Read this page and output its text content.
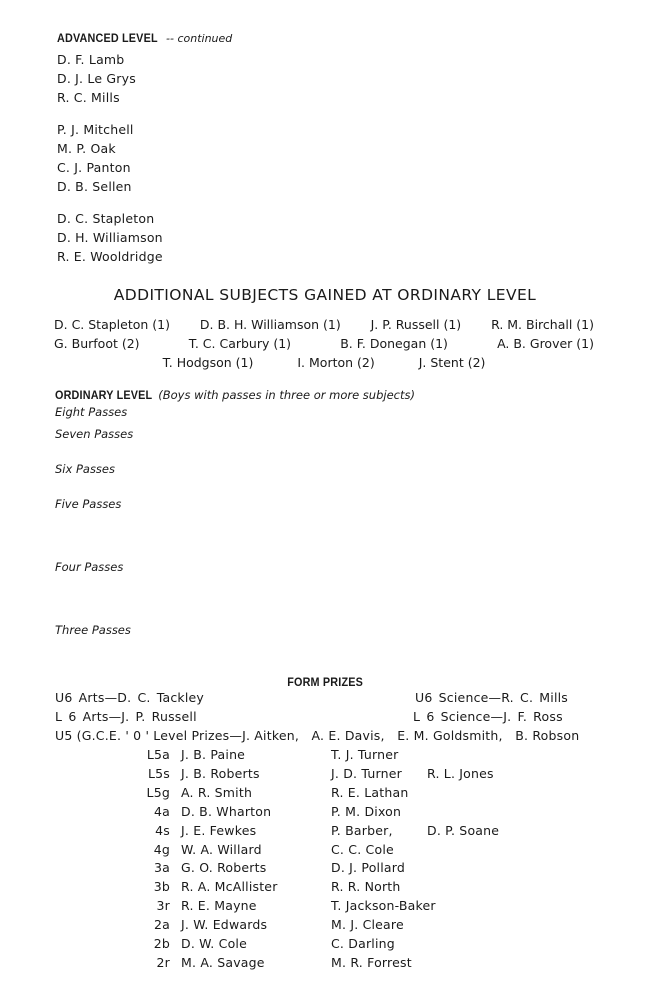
ADVANCED LEVEL -- continued
D. F. Lamb
D. J. Le Grys
R. C. Mills
P. J. Mitchell
M. P. Oak
C. J. Panton
D. B. Sellen
D. C. Stapleton
D. H. Williamson
R. E. Wooldridge
ADDITIONAL SUBJECTS GAINED AT ORDINARY LEVEL
D. C. Stapleton (1) D. B. H. Williamson (1) J. P. Russell (1) R. M. Birchall (1)
G. Burfoot (2)	T. C. Carbury (1)	B. F. Donegan (1)	A. B. Grover (1)
T. Hodgson (1)	I. Morton (2)	J. Stent (2)
ORDINARY LEVEL (Boys with passes in three or more subjects)
Eight Passes
Seven Passes
Six Passes
Five Passes
Four Passes
Three Passes
FORM PRIZES
U6 Arts—D. C. Tackley	U6 Science—R. C. Mills
L 6 Arts—J. P. Russell	L 6 Science—J. F. Ross
U5 (G.C.E. ' 0 ' Level Prizes—J. Aitken,   A. E. Davis,   E. M. Goldsmith,   B. Robson
L5a J. B. Paine	T. J. Turner
L5s J. B. Roberts	J. D. Turner	R. L. Jones
L5g A. R. Smith	R. E. Lathan
4a D. B. Wharton	P. M. Dixon
4s J. E. Fewkes	P. Barber,	D. P. Soane
4g W. A. Willard	C. C. Cole
3a G. O. Roberts	D. J. Pollard
3b R. A. McAllister	R. R. North
3r R. E. Mayne	T. Jackson-Baker
2a J. W. Edwards	M. J. Cleare
2b D. W. Cole	C. Darling
2r M. A. Savage	M. R. Forrest
